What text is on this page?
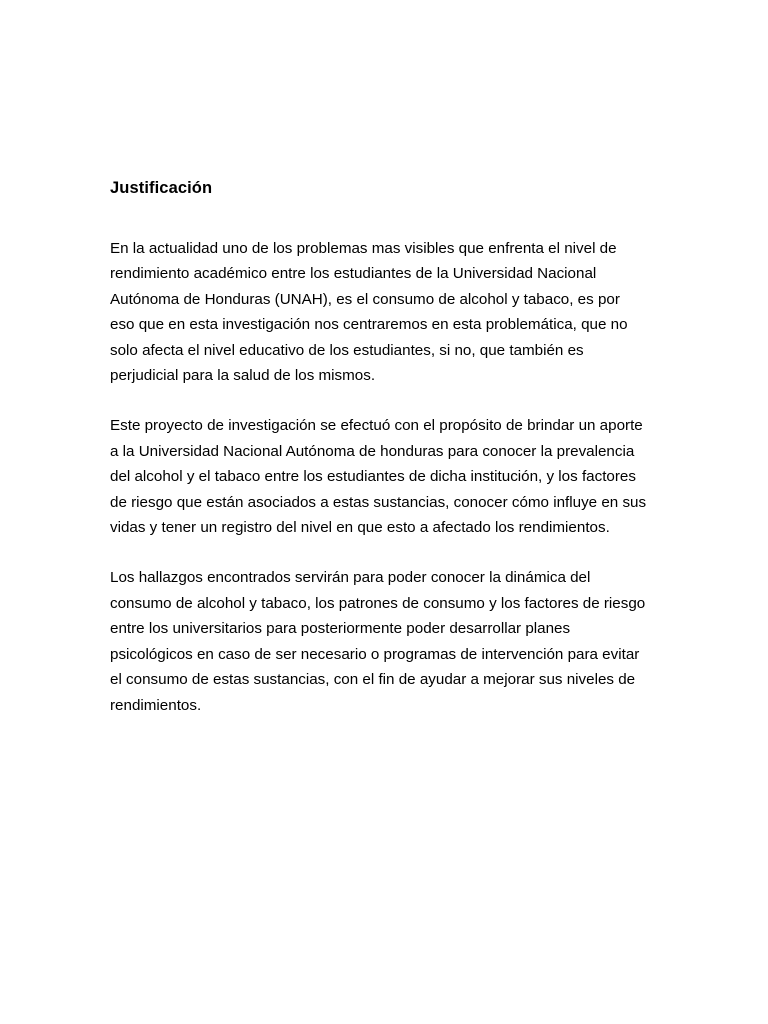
Justificación

En la actualidad uno de los problemas mas visibles que enfrenta el nivel de
rendimiento académico entre los estudiantes de la Universidad Nacional
Autónoma de Honduras (UNAH), es el consumo de alcohol y tabaco, es por
eso que en esta investigación nos centraremos en esta problemática, que no
solo afecta el nivel educativo de los estudiantes, si no, que también es
perjudicial para la salud de los mismos.

Este proyecto de investigación se efectuó con el propósito de brindar un aporte
a la Universidad Nacional Autónoma de honduras para conocer la prevalencia
del alcohol y el tabaco entre los estudiantes de dicha institución, y los factores
de riesgo que están asociados a estas sustancias, conocer cómo influye en sus
vidas y tener un registro del nivel en que esto a afectado los rendimientos.

Los hallazgos encontrados servirán para poder conocer la dinámica del
consumo de alcohol y tabaco, los patrones de consumo y los factores de riesgo
entre los universitarios para posteriormente poder desarrollar planes
psicológicos en caso de ser necesario o programas de intervención para evitar
el consumo de estas sustancias, con el fin de ayudar a mejorar sus niveles de
rendimientos.
